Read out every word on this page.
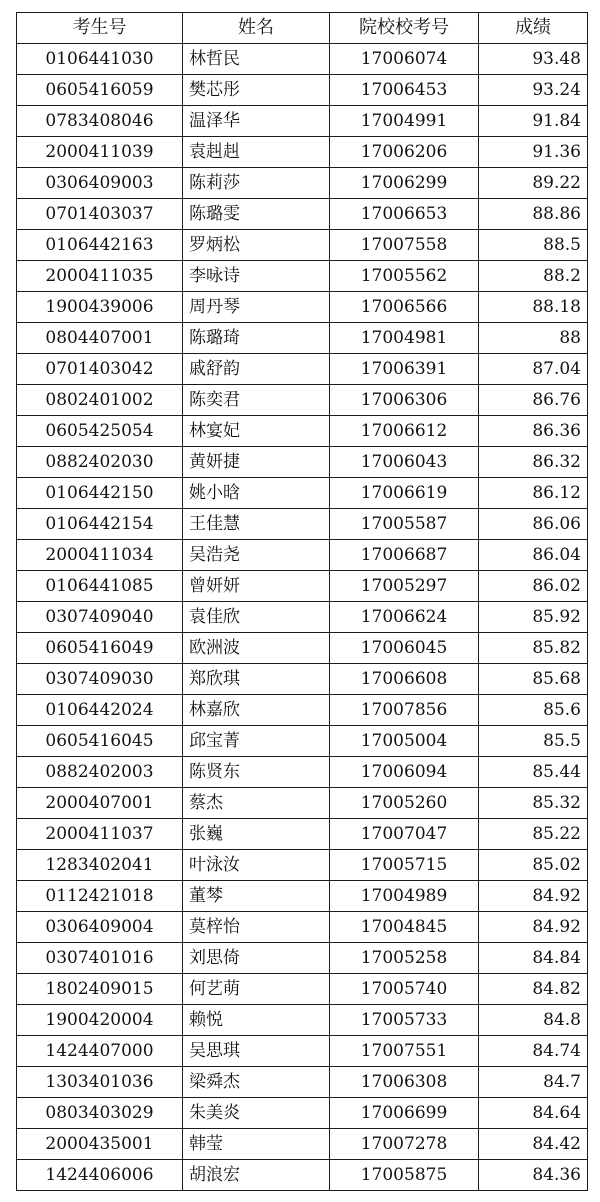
考生号	姓名	院校校考号	成绩
0106441030	林哲民	17006074	93.48
0605416059	樊芯彤	17006453	93.24
0783408046	温泽华	17004991	91.84
2000411039	袁赳赳	17006206	91.36
0306409003	陈莉莎	17006299	89.22
0701403037	陈璐雯	17006653	88.86
0106442163	罗炳松	17007558	88.5
2000411035	李咏诗	17005562	88.2
1900439006	周丹琴	17006566	88.18
0804407001	陈璐琦	17004981	88
0701403042	戚舒韵	17006391	87.04
0802401002	陈奕君	17006306	86.76
0605425054	林宴妃	17006612	86.36
0882402030	黄妍捷	17006043	86.32
0106442150	姚小晗	17006619	86.12
0106442154	王佳慧	17005587	86.06
2000411034	吴浩尧	17006687	86.04
0106441085	曾妍妍	17005297	86.02
0307409040	袁佳欣	17006624	85.92
0605416049	欧洲波	17006045	85.82
0307409030	郑欣琪	17006608	85.68
0106442024	林嘉欣	17007856	85.6
0605416045	邱宝菁	17005004	85.5
0882402003	陈贤东	17006094	85.44
2000407001	蔡杰	17005260	85.32
2000411037	张巍	17007047	85.22
1283402041	叶泳汝	17005715	85.02
0112421018	董棽	17004989	84.92
0306409004	莫梓怡	17004845	84.92
0307401016	刘思倚	17005258	84.84
1802409015	何艺萌	17005740	84.82
1900420004	赖悦	17005733	84.8
1424407000	吴思琪	17007551	84.74
1303401036	梁舜杰	17006308	84.7
0803403029	朱美炎	17006699	84.64
2000435001	韩莹	17007278	84.42
1424406006	胡浪宏	17005875	84.36
